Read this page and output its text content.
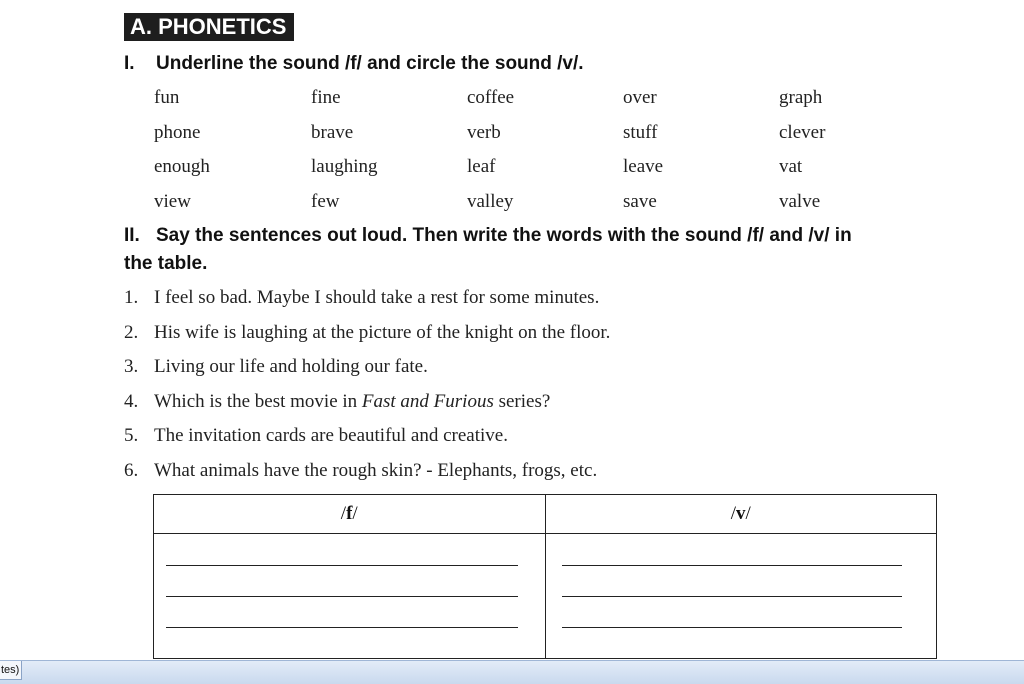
A. PHONETICS
I. Underline the sound /f/ and circle the sound /v/.
fun	fine	coffee	over	graph
phone	brave	verb	stuff	clever
enough	laughing	leaf	leave	vat
view	few	valley	save	valve
II. Say the sentences out loud. Then write the words with the sound /f/ and /v/ in
the table.
1. I feel so bad. Maybe I should take a rest for some minutes.
2. His wife is laughing at the picture of the knight on the floor.
3. Living our life and holding our fate.
4. Which is the best movie in Fast and Furious series?
5. The invitation cards are beautiful and creative.
6. What animals have the rough skin? - Elephants, frogs, etc.
/f/	/v/

tes)
